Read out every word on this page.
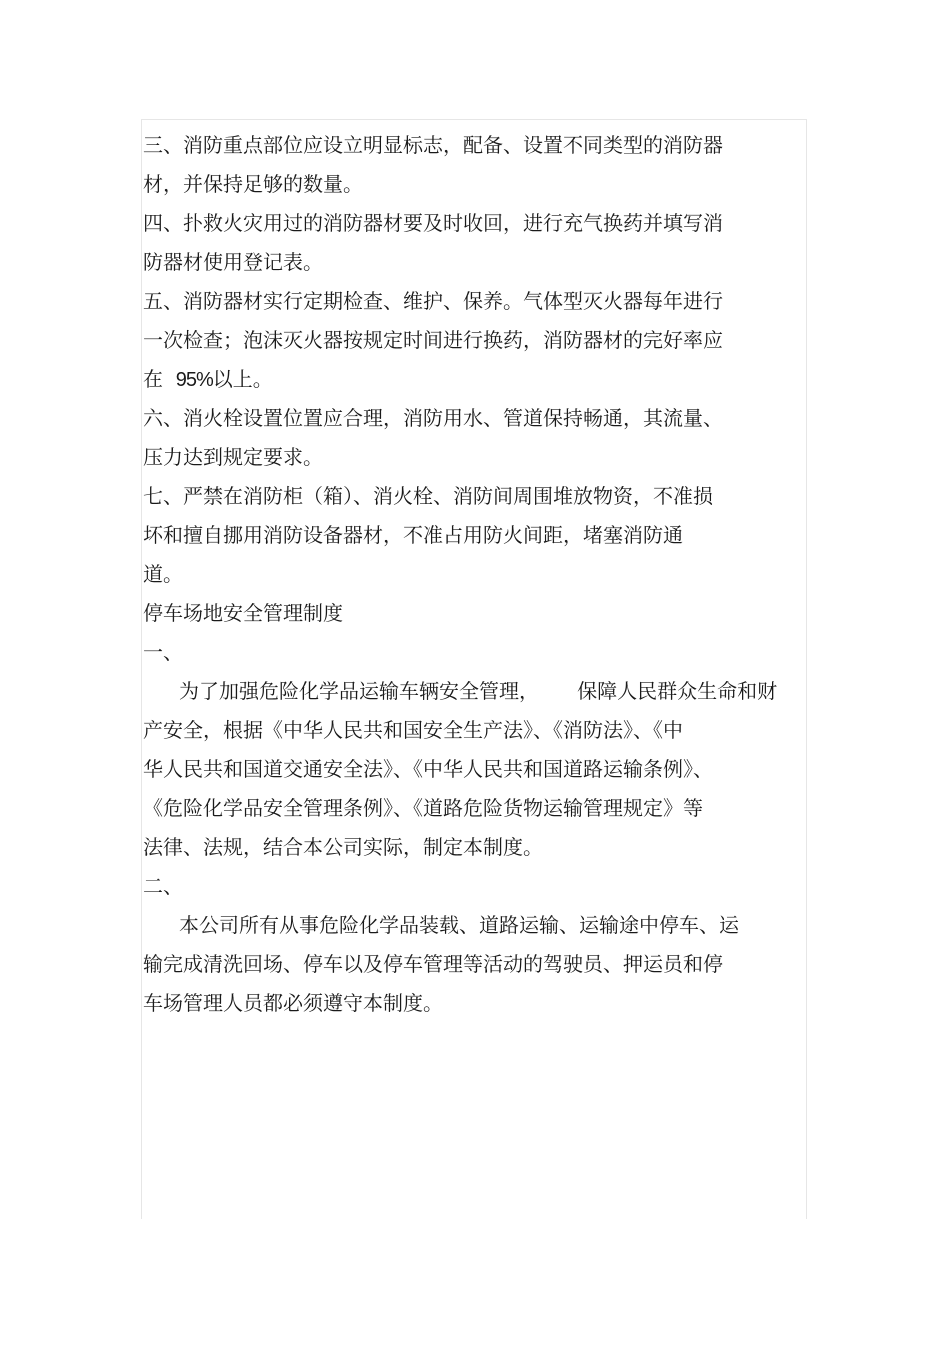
三、消防重点部位应设立明显标志，配备、设置不同类型的消防器
材，并保持足够的数量。
四、扑救火灾用过的消防器材要及时收回，进行充气换药并填写消
防器材使用登记表。
五、消防器材实行定期检查、维护、保养。气体型灭火器每年进行
一次检查；泡沫灭火器按规定时间进行换药，消防器材的完好率应
在  95%以上。
六、消火栓设置位置应合理，消防用水、管道保持畅通，其流量、
压力达到规定要求。
七、严禁在消防柜（箱）、消火栓、消防间周围堆放物资，不准损
坏和擅自挪用消防设备器材，不准占用防火间距，堵塞消防通
道。
停车场地安全管理制度
一、
为了加强危险化学品运输车辆安全管理，      保障人民群众生命和财
产安全，根据《中华人民共和国安全生产法》、《消防法》、《中
华人民共和国道交通安全法》、《中华人民共和国道路运输条例》、
《危险化学品安全管理条例》、《道路危险货物运输管理规定》等
法律、法规，结合本公司实际，制定本制度。
二、
本公司所有从事危险化学品装载、道路运输、运输途中停车、运
输完成清洗回场、停车以及停车管理等活动的驾驶员、押运员和停
车场管理人员都必须遵守本制度。
